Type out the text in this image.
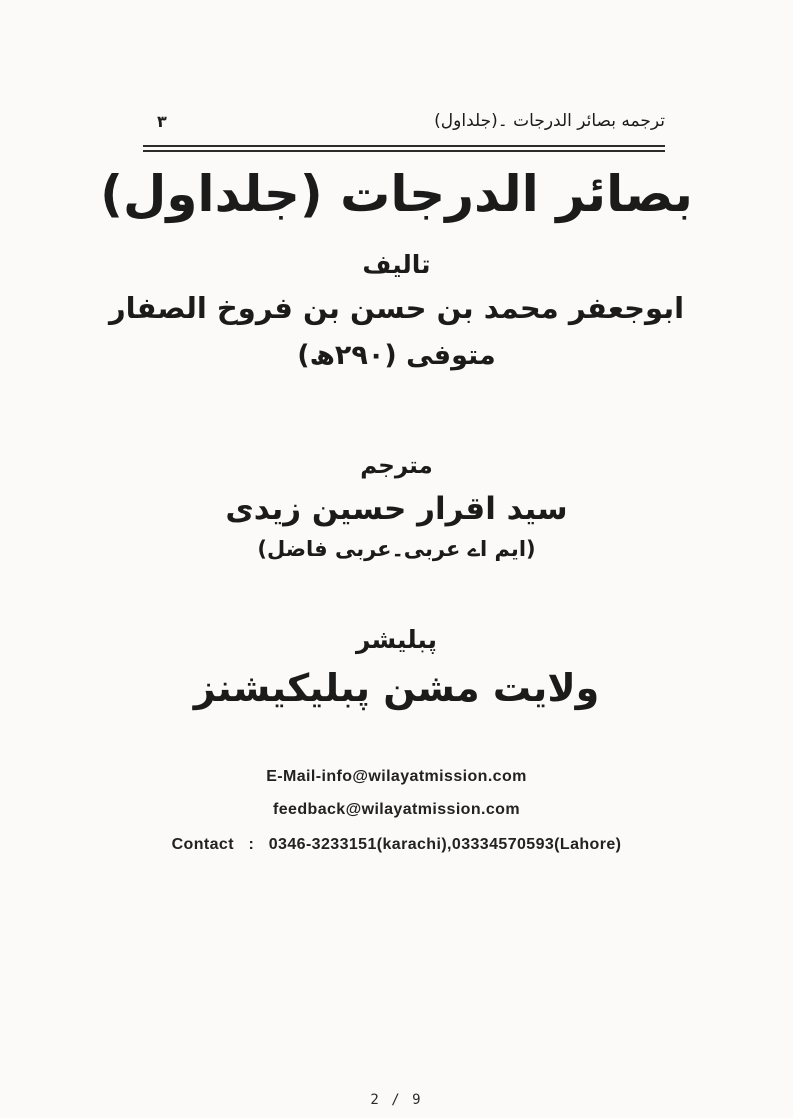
۳	ترجمه بصائر الدرجات ۔(جلداول)
بصائر الدرجات (جلداول)
تالیف
ابوجعفر محمد بن حسن بن فروخ الصفار
متوفی (۲۹۰ھ)
مترجم
سید اقرار حسین زیدی
(ایم اے عربی۔عربی فاضل)
پبلیشر
ولایت مشن پبلیکیشنز
E-Mail-info@wilayatmission.com
feedback@wilayatmission.com
Contact   :   0346-3233151(karachi),03334570593(Lahore)
2 / 9
